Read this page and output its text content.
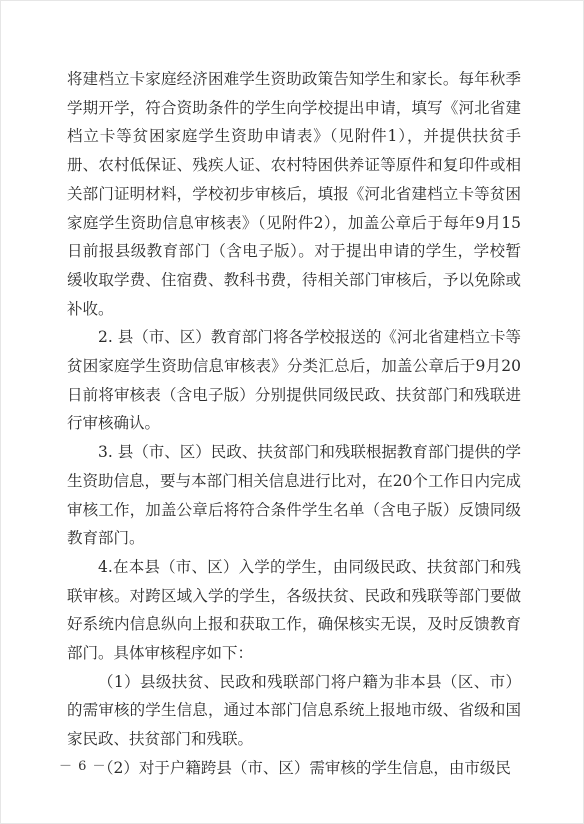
将建档立卡家庭经济困难学生资助政策告知学生和家长。每年秋季学期开学，符合资助条件的学生向学校提出申请，填写《河北省建档立卡等贫困家庭学生资助申请表》（见附件1），并提供扶贫手册、农村低保证、残疾人证、农村特困供养证等原件和复印件或相关部门证明材料，学校初步审核后，填报《河北省建档立卡等贫困家庭学生资助信息审核表》（见附件2），加盖公章后于每年9月15日前报县级教育部门（含电子版）。对于提出申请的学生，学校暂缓收取学费、住宿费、教科书费，待相关部门审核后，予以免除或补收。

2. 县（市、区）教育部门将各学校报送的《河北省建档立卡等贫困家庭学生资助信息审核表》分类汇总后，加盖公章后于9月20日前将审核表（含电子版）分别提供同级民政、扶贫部门和残联进行审核确认。

3. 县（市、区）民政、扶贫部门和残联根据教育部门提供的学生资助信息，要与本部门相关信息进行比对，在20个工作日内完成审核工作，加盖公章后将符合条件学生名单（含电子版）反馈同级教育部门。

4.在本县（市、区）入学的学生，由同级民政、扶贫部门和残联审核。对跨区域入学的学生，各级扶贫、民政和残联等部门要做好系统内信息纵向上报和获取工作，确保核实无误，及时反馈教育部门。具体审核程序如下：

（1）县级扶贫、民政和残联部门将户籍为非本县（区、市）的需审核的学生信息，通过本部门信息系统上报地市级、省级和国家民政、扶贫部门和残联。

（2）对于户籍跨县（市、区）需审核的学生信息，由市级民

－ 6 －
